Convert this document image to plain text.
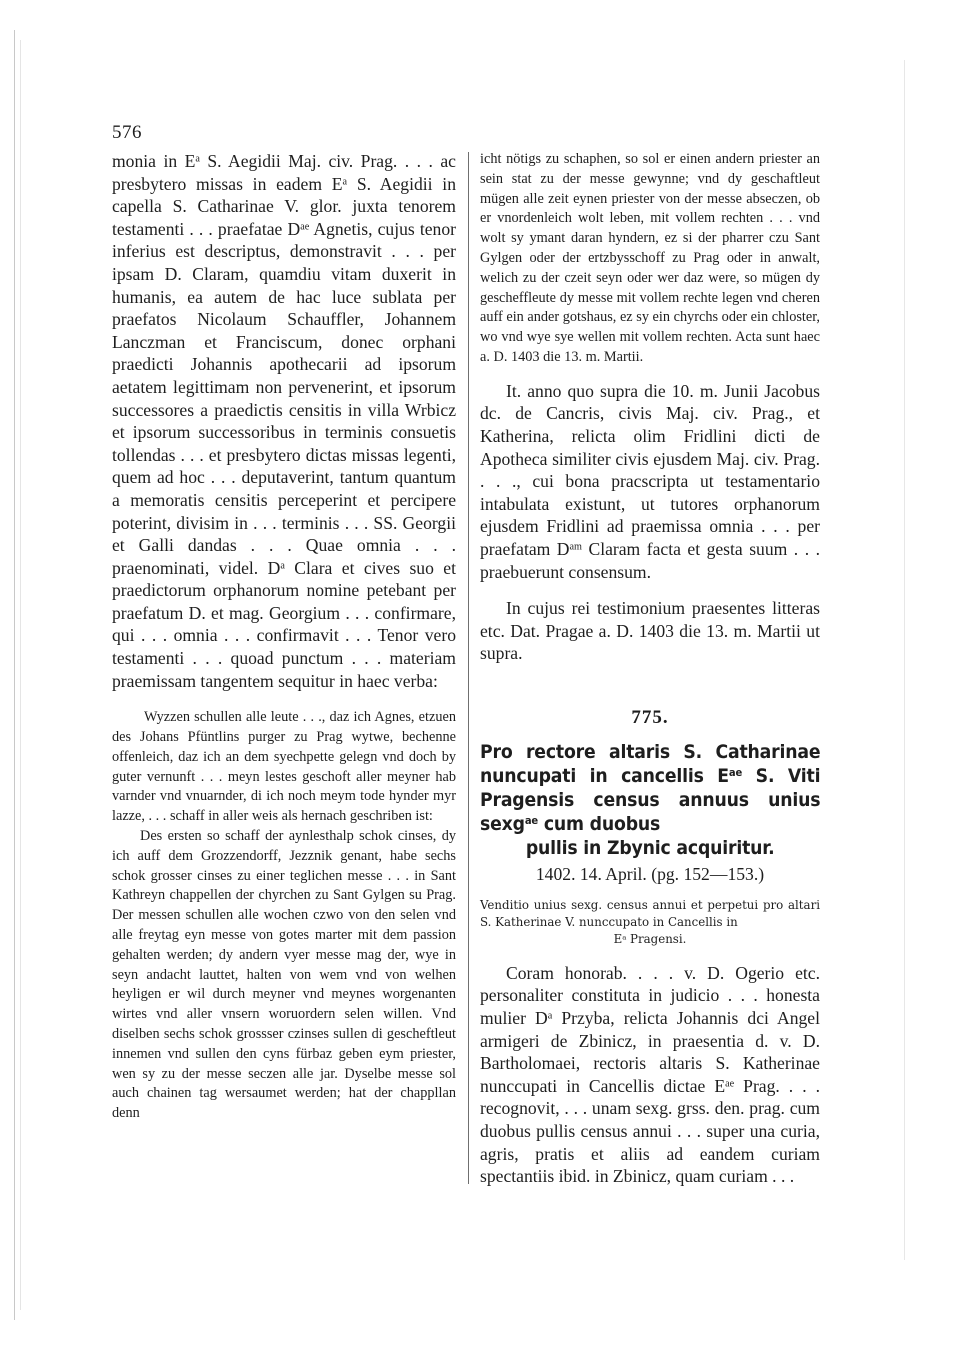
576

monia in $E^a$ S. Aegidii Maj. civ. Prag. . . . ac presbytero missas in eadem $E^a$ S. Aegidii in capella S. Catharinae V. glor. juxta tenorem testamenti . . . praefatae $D^{ae}$ Agnetis, cujus tenor inferius est descriptus, demonstravit . . . per ipsam D. Claram, quamdiu vitam duxerit in humanis, ea autem de hac luce sublata per praefatos Nicolaum Schauffler, Johannem Lanczman et Franciscum, donec orphani praedicti Johannis apothecarii ad ipsorum aetatem legittimam non pervenerint, et ipsorum successores a praedictis censitis in villa Wrbicz et ipsorum successoribus in terminis consuetis tollendas . . . et presbytero dictas missas legenti, quem ad hoc . . . deputaverint, tantum quantum a memoratis censitis perceperint et percipere poterint, divisim in . . . terminis . . . SS. Georgii et Galli dandas . . . Quae omnia . . . praenominati, videl. $D^a$ Clara et cives suo et praedictorum orphanorum nomine petebant per praefatum D. et mag. Georgium . . . confirmare, qui . . . omnia . . . confirmavit . . . Tenor vero testamenti . . . quoad punctum . . . materiam praemissam tangentem sequitur in haec verba:

Wyzzen schullen alle leute . . ., daz ich Agnes, etzuen des Johans Pfüntlins purger zu Prag wytwe, bechenne offenleich, daz ich an dem syechpette gelegn vnd doch by guter vernunft . . . meyn lestes geschoft aller meyner hab varnder vnd vnuarnder, di ich noch meym tode hynder myr lazze, . . . schaff in aller weis als hernach geschriben ist:

Des ersten so schaff der aynlesthalp schok cinses, dy ich auff dem Grozzendorff, Jezznik genant, habe sechs schok grosser cinses zu einer teglichen messe . . . in Sant Kathreyn chappellen der chyrchen zu Sant Gylgen su Prag. Der messen schullen alle wochen czwo von den selen vnd alle freytag eyn messe von gotes marter mit dem passion gehalten werden; dy andern vyer messe mag der, wye in seyn andacht lauttet, halten von wem vnd von welhen heyligen er wil durch meyner vnd meynes worgenanten wirtes vnd aller vnsern woruordern selen willen. Vnd diselben sechs schok grossser czinses sullen di gescheftleut innemen vnd sullen den cyns fürbaz geben eym priester, wen sy zu der messe seczen alle jar. Dyselbe messe sol auch chainen tag wersaumet werden; hat der chappllan denn

icht nötigs zu schaphen, so sol er einen andern priester an sein stat zu der messe gewynne; vnd dy geschaftleut mügen alle zeit eynen priester von der messe abseczen, ob er vnordenleich wolt leben, mit vollem rechten . . . vnd wolt sy ymant daran hyndern, ez si der pharrer czu Sant Gylgen oder der ertzbysschoff zu Prag oder in anwalt, welich zu der czeit seyn oder wer daz were, so mügen dy gescheffleute dy messe mit vollem rechte legen vnd cheren auff ein ander gotshaus, ez sy ein chyrchs oder ein chloster, wo vnd wye sye wellen mit vollem rechten. Acta sunt haec a. D. 1403 die 13. m. Martii.

It. anno quo supra die 10. m. Junii Jacobus dc. de Cancris, civis Maj. civ. Prag., et Katherina, relicta olim Fridlini dicti de Apotheca similiter civis ejusdem Maj. civ. Prag. . . ., cui bona pracscripta ut testamentario intabulata existunt, ut tutores orphanorum ejusdem Fridlini ad praemissa omnia . . . per praefatam $D^{am}$ Claram facta et gesta suum . . . praebuerunt consensum.

In cujus rei testimonium praesentes litteras etc. Dat. Pragae a. D. 1403 die 13. m. Martii ut supra.

775.
Pro rectore altaris S. Catharinae nuncupati in cancellis $E^{ae}$ S. Viti Pragensis census annuus unius sexg$^{ae}$ cum duobus
pullis in Zbynic acquiritur.
1402. 14. April. (pg. 152—153.)
Venditio unius sexg. census annui et perpetui pro altari S. Katherinae V. nunccupato in Cancellis in
$E^a$ Pragensi.

Coram honorab. . . . v. D. Ogerio etc. personaliter constituta in judicio . . . honesta mulier $D^a$ Przyba, relicta Johannis dci Angel armigeri de Zbinicz, in praesentia d. v. D. Bartholomaei, rectoris altaris S. Katherinae nunccupati in Cancellis dictae $E^{ae}$ Prag. . . . recognovit, . . . unam sexg. grss. den. prag. cum duobus pullis census annui . . . super una curia, agris, pratis et aliis ad eandem curiam spectantiis ibid. in Zbinicz, quam curiam . . .
